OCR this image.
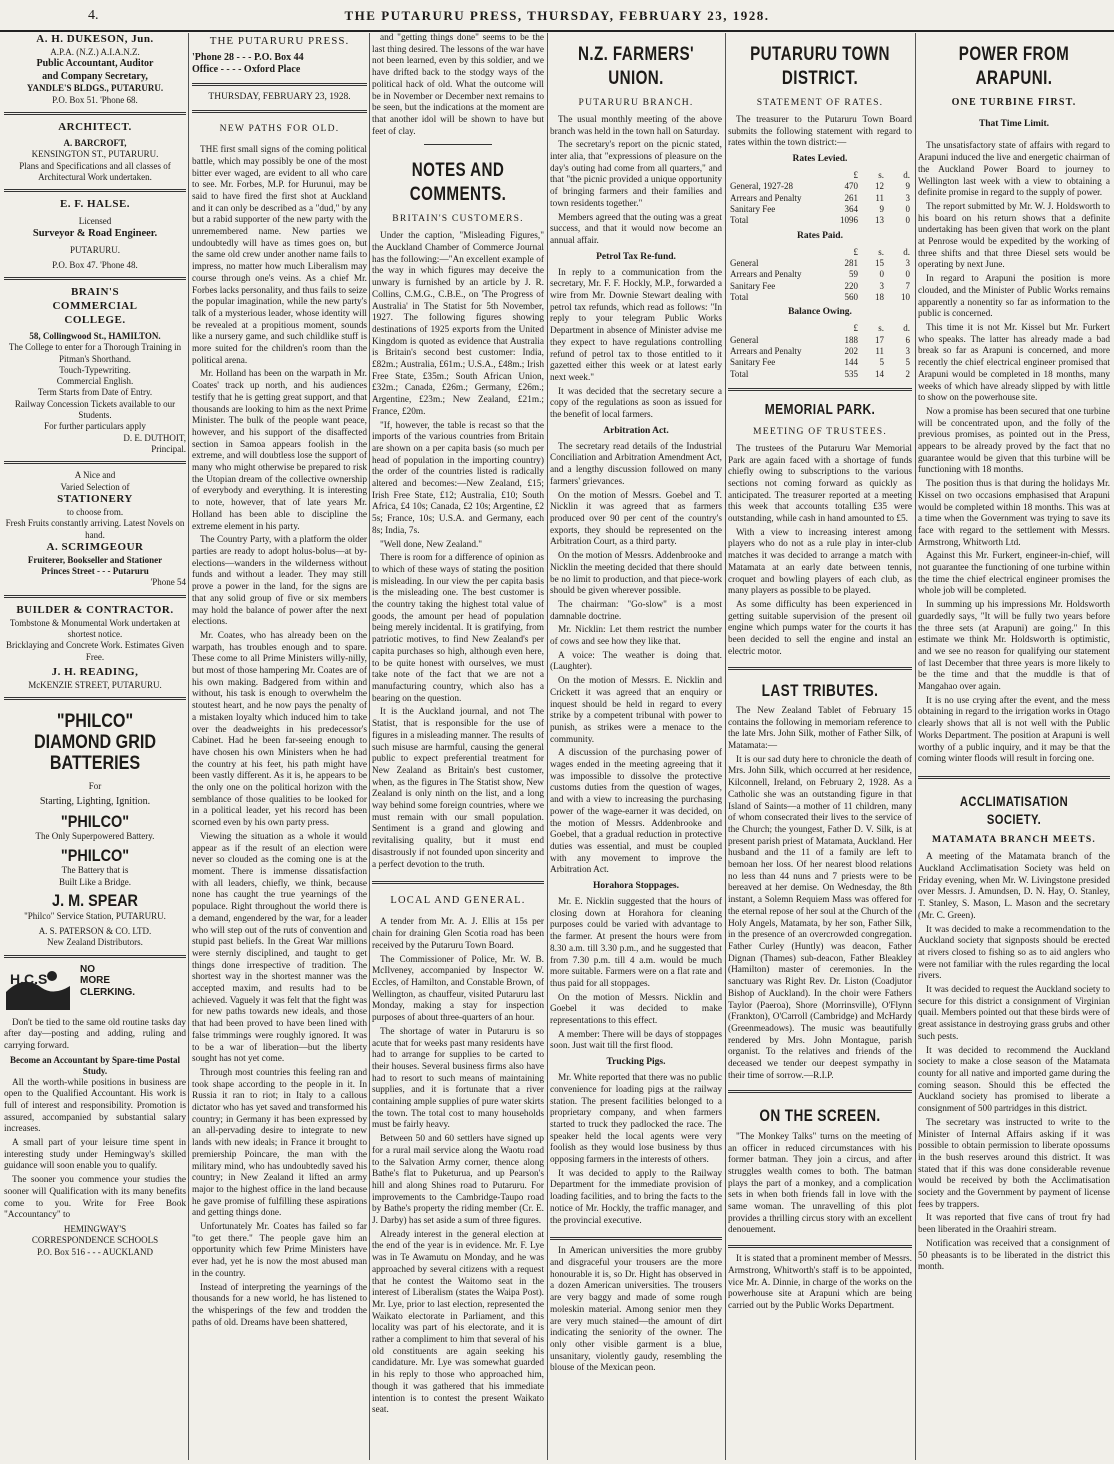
4.	THE PUTARURU PRESS, THURSDAY, FEBRUARY 23, 1928.
A. H. DUKESON, Jun.
A.P.A. (N.Z.) A.I.A.N.Z.
Public Accountant, Auditor
and Company Secretary,
YANDLE'S BLDGS., PUTARURU.
P.O. Box 51. 'Phone 68.
ARCHITECT.
A. BARCROFT,
KENSINGTON ST., PUTARURU.
Plans and Specifications and all classes of Architectural Work undertaken.
E. F. HALSE.
Licensed
Surveyor & Road Engineer.
PUTARURU.
P.O. Box 47. 'Phone 48.
BRAIN'S
COMMERCIAL
COLLEGE.
58, Collingwood St., HAMILTON.
The College to enter for a Thorough Training in
Pitman's Shorthand.
Touch-Typewriting.
Commercial English.
Term Starts from Date of Entry.
Railway Concession Tickets available to our Students.
For further particulars apply
D. E. DUTHOIT,
Principal.
A Nice and
Varied Selection of
STATIONERY
to choose from.
Fresh Fruits constantly arriving. Latest Novels on hand.
A. SCRIMGEOUR
Fruiterer, Bookseller and Stationer
Princes Street - - - Putaruru
'Phone 54
BUILDER & CONTRACTOR.
Tombstone & Monumental Work undertaken at shortest notice.
Bricklaying and Concrete Work. Estimates Given Free.
J. H. READING,
McKENZIE STREET, PUTARURU.
"PHILCO"
DIAMOND GRID
BATTERIES
For
Starting, Lighting, Ignition.
"PHILCO"
The Only Superpowered Battery.
"PHILCO"
The Battery that is
Built Like a Bridge.
J. M. SPEAR
"Philco" Service Station, PUTARURU.
A. S. PATERSON & CO. LTD.
New Zealand Distributors.
H.C.S
NO
MORE
CLERKING.

Don't be tied to the same old routine tasks day after day—posting and adding, ruling and carrying forward.

Become an Accountant by Spare-time Postal Study.

All the worth-while positions in business are open to the Qualified Accountant. His work is full of interest and responsibility. Promotion is assured, accompanied by substantial salary increases.

A small part of your leisure time spent in interesting study under Hemingway's skilled guidance will soon enable you to qualify.

The sooner you commence your studies the sooner will Qualification with its many benefits come to you. Write for Free Book "Accountancy" to

HEMINGWAY'S
CORRESPONDENCE SCHOOLS
P.O. Box 516 - - - AUCKLAND
THE PUTARURU PRESS.
'Phone 28 - - - P.O. Box 44
Office - - - - Oxford Place
THURSDAY, FEBRUARY 23, 1928.
NEW PATHS FOR OLD.

THE first small signs of the coming political battle, which may possibly be one of the most bitter ever waged, are evident to all who care to see. Mr. Forbes, M.P. for Hurunui, may be said to have fired the first shot at Auckland and it can only be described as a "dud," by any but a rabid supporter of the new party with the unremembered name. New parties we undoubtedly will have as times goes on, but the same old crew under another name fails to impress, no matter how much Liberalism may course through one's veins. As a chief Mr. Forbes lacks personality, and thus fails to seize the popular imagination, while the new party's talk of a mysterious leader, whose identity will be revealed at a propitious moment, sounds like a nursery game, and such childlike stuff is more suited for the children's room than the political arena.

Mr. Holland has been on the warpath in Mr. Coates' track up north, and his audiences testify that he is getting great support, and that thousands are looking to him as the next Prime Minister. The bulk of the people want peace, however, and his support of the disaffected section in Samoa appears foolish in the extreme, and will doubtless lose the support of many who might otherwise be prepared to risk the Utopian dream of the collective ownership of everybody and everything. It is interesting to note, however, that of late years Mr. Holland has been able to discipline the extreme element in his party.

The Country Party, with a platform the older parties are ready to adopt holus-bolus—at by-elections—wanders in the wilderness without funds and without a leader. They may still prove a power in the land, for the signs are that any solid group of five or six members may hold the balance of power after the next elections.

Mr. Coates, who has already been on the warpath, has troubles enough and to spare. These come to all Prime Ministers willy-nilly, but most of those hampering Mr. Coates are of his own making. Badgered from within and without, his task is enough to overwhelm the stoutest heart, and he now pays the penalty of a mistaken loyalty which induced him to take over the deadweights in his predecessor's Cabinet. Had he been far-seeing enough to have chosen his own Ministers when he had the country at his feet, his path might have been vastly different. As it is, he appears to be the only one on the political horizon with the semblance of those qualities to be looked for in a political leader, yet his record has been scorned even by his own party press.

Viewing the situation as a whole it would appear as if the result of an election were never so clouded as the coming one is at the moment. There is immense dissatisfaction with all leaders, chiefly, we think, because none has caught the true yearnings of the populace. Right throughout the world there is a demand, engendered by the war, for a leader who will step out of the ruts of convention and stupid past beliefs. In the Great War millions were sternly disciplined, and taught to get things done irrespective of tradition. The shortest way in the shortest manner was the accepted maxim, and results had to be achieved. Vaguely it was felt that the fight was for new paths towards new ideals, and those that had been proved to have been lined with false trimmings were roughly ignored. It was to be a war of liberation—but the liberty sought has not yet come.

Through most countries this feeling ran and took shape according to the people in it. In Russia it ran to riot; in Italy to a callous dictator who has yet saved and transformed his country; in Germany it has been expressed by an all-pervading desire to integrate to new lands with new ideals; in France it brought to premiership Poincare, the man with the military mind, who has undoubtedly saved his country; in New Zealand it lifted an army major to the highest office in the land because he gave promise of fulfilling these aspirations and getting things done.

Unfortunately Mr. Coates has failed so far "to get there." The people gave him an opportunity which few Prime Ministers have ever had, yet he is now the most abused man in the country.

Instead of interpreting the yearnings of the thousands for a new world, he has listened to the whisperings of the few and trodden the paths of old. Dreams have been shattered,

and "getting things done" seems to be the last thing desired. The lessons of the war have not been learned, even by this soldier, and we have drifted back to the stodgy ways of the political hack of old. What the outcome will be in November or December next remains to be seen, but the indications at the moment are that another idol will be shown to have but feet of clay.

NOTES AND COMMENTS.
BRITAIN'S CUSTOMERS.

Under the caption, "Misleading Figures," the Auckland Chamber of Commerce Journal has the following:—"An excellent example of the way in which figures may deceive the unwary is furnished by an article by J. R. Collins, C.M.G., C.B.E., on 'The Progress of Australia' in The Statist for 5th November, 1927. The following figures showing destinations of 1925 exports from the United Kingdom is quoted as evidence that Australia is Britain's second best customer: India, £82m.; Australia, £61m.; U.S.A., £48m.; Irish Free State, £35m.; South African Union, £32m.; Canada, £26m.; Germany, £26m.; Argentine, £23m.; New Zealand, £21m.; France, £20m.

"If, however, the table is recast so that the imports of the various countries from Britain are shown on a per capita basis (so much per head of population in the importing country) the order of the countries listed is radically altered and becomes:—New Zealand, £15; Irish Free State, £12; Australia, £10; South Africa, £4 10s; Canada, £2 10s; Argentine, £2 5s; France, 10s; U.S.A. and Germany, each 8s; India, 7s.

"Well done, New Zealand."

There is room for a difference of opinion as to which of these ways of stating the position is misleading. In our view the per capita basis is the misleading one. The best customer is the country taking the highest total value of goods, the amount per head of population being merely incidental. It is gratifying, from patriotic motives, to find New Zealand's per capita purchases so high, although even here, to be quite honest with ourselves, we must take note of the fact that we are not a manufacturing country, which also has a bearing on the question.

It is the Auckland journal, and not The Statist, that is responsible for the use of figures in a misleading manner. The results of such misuse are harmful, causing the general public to expect preferential treatment for New Zealand as Britain's best customer, when, as the figures in The Statist show, New Zealand is only ninth on the list, and a long way behind some foreign countries, where we must remain with our small population. Sentiment is a grand and glowing and revitalising quality, but it must end disastrously if not founded upon sincerity and a perfect devotion to the truth.

LOCAL AND GENERAL.

A tender from Mr. A. J. Ellis at 15s per chain for draining Glen Scotia road has been received by the Putaruru Town Board.

The Commissioner of Police, Mr. W. B. McIlveney, accompanied by Inspector W. Eccles, of Hamilton, and Constable Brown, of Wellington, as chauffeur, visited Putaruru last Monday, making a stay for inspection purposes of about three-quarters of an hour.

The shortage of water in Putaruru is so acute that for weeks past many residents have had to arrange for supplies to be carted to their houses. Several business firms also have had to resort to such means of maintaining supplies, and it is fortunate that a river containing ample supplies of pure water skirts the town. The total cost to many households must be fairly heavy.

Between 50 and 60 settlers have signed up for a rural mail service along the Waotu road to the Salvation Army corner, thence along Bathe's flat to Puketurua, and up Pearson's hill and along Shines road to Putaruru. For improvements to the Cambridge-Taupo road by Bathe's property the riding member (Cr. E. J. Darby) has set aside a sum of three figures.

Already interest in the general election at the end of the year is in evidence. Mr. F. Lye was in Te Awamutu on Monday, and he was approached by several citizens with a request that he contest the Waitomo seat in the interest of Liberalism (states the Waipa Post). Mr. Lye, prior to last election, represented the Waikato electorate in Parliament, and this locality was part of his electorate, and it is rather a compliment to him that several of his old constituents are again seeking his candidature. Mr. Lye was somewhat guarded in his reply to those who approached him, though it was gathered that his immediate intention is to contest the present Waikato seat.

N.Z. FARMERS' UNION.
PUTARURU BRANCH.

The usual monthly meeting of the above branch was held in the town hall on Saturday.

The secretary's report on the picnic stated, inter alia, that "expressions of pleasure on the day's outing had come from all quarters," and that "the picnic provided a unique opportunity of bringing farmers and their families and town residents together."

Members agreed that the outing was a great success, and that it would now become an annual affair.

Petrol Tax Re-fund.

In reply to a communication from the secretary, Mr. F. F. Hockly, M.P., forwarded a wire from Mr. Downie Stewart dealing with petrol tax refunds, which read as follows: "In reply to your telegram Public Works Department in absence of Minister advise me they expect to have regulations controlling refund of petrol tax to those entitled to it gazetted either this week or at latest early next week."

It was decided that the secretary secure a copy of the regulations as soon as issued for the benefit of local farmers.

Arbitration Act.

The secretary read details of the Industrial Conciliation and Arbitration Amendment Act, and a lengthy discussion followed on many farmers' grievances.

On the motion of Messrs. Goebel and T. Nicklin it was agreed that as farmers produced over 90 per cent of the country's exports, they should be represented on the Arbitration Court, as a third party.

On the motion of Messrs. Addenbrooke and Nicklin the meeting decided that there should be no limit to production, and that piece-work should be given wherever possible.

The chairman: "Go-slow" is a most damnable doctrine.

Mr. Nicklin: Let them restrict the number of cows and see how they like that.

A voice: The weather is doing that. (Laughter).

On the motion of Messrs. E. Nicklin and Crickett it was agreed that an enquiry or inquest should be held in regard to every strike by a competent tribunal with power to punish, as strikes were a menace to the community.

A discussion of the purchasing power of wages ended in the meeting agreeing that it was impossible to dissolve the protective customs duties from the question of wages, and with a view to increasing the purchasing power of the wage-earner it was decided, on the motion of Messrs. Addenbrooke and Goebel, that a gradual reduction in protective duties was essential, and must be coupled with any movement to improve the Arbitration Act.

Horahora Stoppages.

Mr. E. Nicklin suggested that the hours of closing down at Horahora for cleaning purposes could be varied with advantage to the farmer. At present the hours were from 8.30 a.m. till 3.30 p.m., and he suggested that from 7.30 p.m. till 4 a.m. would be much more suitable. Farmers were on a flat rate and thus paid for all stoppages.

On the motion of Messrs. Nicklin and Goebel it was decided to make representations to this effect.

A member: There will be days of stoppages soon. Just wait till the first flood.

Trucking Pigs.

Mr. White reported that there was no public convenience for loading pigs at the railway station. The present facilities belonged to a proprietary company, and when farmers started to truck they padlocked the race. The speaker held the local agents were very foolish as they would lose business by thus opposing farmers in the interests of others.

It was decided to apply to the Railway Department for the immediate provision of loading facilities, and to bring the facts to the notice of Mr. Hockly, the traffic manager, and the provincial executive.

In American universities the more grubby and disgraceful your trousers are the more honourable it is, so Dr. Hight has observed in a dozen American universities. The trousers are very baggy and made of some rough moleskin material. Among senior men they are very much stained—the amount of dirt indicating the seniority of the owner. The only other visible garment is a blue, unsanitary, violently gaudy, resembling the blouse of the Mexican peon.

PUTARURU TOWN DISTRICT.
STATEMENT OF RATES.

The treasurer to the Putaruru Town Board submits the following statement with regard to rates within the town district:—

Rates Levied.
	£	s.	d.
General, 1927-28	470	12	9
Arrears and Penalty	261	11	3
Sanitary Fee	364	9	0
Total	1096	13	0
Rates Paid.
	£	s.	d.
General	281	15	3
Arrears and Penalty	59	0	0
Sanitary Fee	220	3	7
Total	560	18	10
Balance Owing.
	£	s.	d.
General	188	17	6
Arrears and Penalty	202	11	3
Sanitary Fee	144	5	5
Total	535	14	2
MEMORIAL PARK.
MEETING OF TRUSTEES.

The trustees of the Putaruru War Memorial Park are again faced with a shortage of funds chiefly owing to subscriptions to the various sections not coming forward as quickly as anticipated. The treasurer reported at a meeting this week that accounts totalling £35 were outstanding, while cash in hand amounted to £5.

With a view to increasing interest among players who do not as a rule play in inter-club matches it was decided to arrange a match with Matamata at an early date between tennis, croquet and bowling players of each club, as many players as possible to be played.

As some difficulty has been experienced in getting suitable supervision of the present oil engine which pumps water for the courts it has been decided to sell the engine and instal an electric motor.

LAST TRIBUTES.

The New Zealand Tablet of February 15 contains the following in memoriam reference to the late Mrs. John Silk, mother of Father Silk, of Matamata:—

It is our sad duty here to chronicle the death of Mrs. John Silk, which occurred at her residence, Kilconnell, Ireland, on February 2, 1928. As a Catholic she was an outstanding figure in that Island of Saints—a mother of 11 children, many of whom consecrated their lives to the service of the Church; the youngest, Father D. V. Silk, is at present parish priest of Matamata, Auckland. Her husband and the 11 of a family are left to bemoan her loss. Of her nearest blood relations no less than 44 nuns and 7 priests were to be bereaved at her demise. On Wednesday, the 8th instant, a Solemn Requiem Mass was offered for the eternal repose of her soul at the Church of the Holy Angels, Matamata, by her son, Father Silk, in the presence of an overcrowded congregation. Father Curley (Huntly) was deacon, Father Dignan (Thames) sub-deacon, Father Bleakley (Hamilton) master of ceremonies. In the sanctuary was Right Rev. Dr. Liston (Coadjutor Bishop of Auckland). In the choir were Fathers Taylor (Paeroa), Shore (Morrinsville), O'Flynn (Frankton), O'Carroll (Cambridge) and McHardy (Greenmeadows). The music was beautifully rendered by Mrs. John Montague, parish organist. To the relatives and friends of the deceased we tender our deepest sympathy in their time of sorrow.—R.I.P.

ON THE SCREEN.

"The Monkey Talks" turns on the meeting of an officer in reduced circumstances with his former batman. They join a circus, and after struggles wealth comes to both. The batman plays the part of a monkey, and a complication sets in when both friends fall in love with the same woman. The unravelling of this plot provides a thrilling circus story with an excellent denouement.

It is stated that a prominent member of Messrs. Armstrong, Whitworth's staff is to be appointed, vice Mr. A. Dinnie, in charge of the works on the powerhouse site at Arapuni which are being carried out by the Public Works Department.

POWER FROM ARAPUNI.
ONE TURBINE FIRST.
That Time Limit.

The unsatisfactory state of affairs with regard to Arapuni induced the live and energetic chairman of the Auckland Power Board to journey to Wellington last week with a view to obtaining a definite promise in regard to the supply of power.

The report submitted by Mr. W. J. Holdsworth to his board on his return shows that a definite undertaking has been given that work on the plant at Penrose would be expedited by the working of three shifts and that three Diesel sets would be operating by next June.

In regard to Arapuni the position is more clouded, and the Minister of Public Works remains apparently a nonentity so far as information to the public is concerned.

This time it is not Mr. Kissel but Mr. Furkert who speaks. The latter has already made a bad break so far as Arapuni is concerned, and more recently the chief electrical engineer promised that Arapuni would be completed in 18 months, many weeks of which have already slipped by with little to show on the powerhouse site.

Now a promise has been secured that one turbine will be concentrated upon, and the folly of the previous promises, as pointed out in the Press, appears to be already proved by the fact that no guarantee would be given that this turbine will be functioning with 18 months.

The position thus is that during the holidays Mr. Kissel on two occasions emphasised that Arapuni would be completed within 18 months. This was at a time when the Government was trying to save its face with regard to the settlement with Messrs. Armstrong, Whitworth Ltd.

Against this Mr. Furkert, engineer-in-chief, will not guarantee the functioning of one turbine within the time the chief electrical engineer promises the whole job will be completed.

In summing up his impressions Mr. Holdsworth guardedly says, "It will be fully two years before the three sets (at Arapuni) are going." In this estimate we think Mr. Holdsworth is optimistic, and we see no reason for qualifying our statement of last December that three years is more likely to be the time and that the muddle is that of Mangahao over again.

It is no use crying after the event, and the mess obtaining in regard to the irrigation works in Otago clearly shows that all is not well with the Public Works Department. The position at Arapuni is well worthy of a public inquiry, and it may be that the coming winter floods will result in forcing one.

ACCLIMATISATION SOCIETY.
MATAMATA BRANCH MEETS.

A meeting of the Matamata branch of the Auckland Acclimatisation Society was held on Friday evening, when Mr. W. Livingstone presided over Messrs. J. Amundsen, D. N. Hay, O. Stanley, T. Stanley, S. Mason, L. Mason and the secretary (Mr. C. Green).

It was decided to make a recommendation to the Auckland society that signposts should be erected at rivers closed to fishing so as to aid anglers who were not familiar with the rules regarding the local rivers.

It was decided to request the Auckland society to secure for this district a consignment of Virginian quail. Members pointed out that these birds were of great assistance in destroying grass grubs and other such pests.

It was decided to recommend the Auckland society to make a close season of the Matamata county for all native and imported game during the coming season. Should this be effected the Auckland society has promised to liberate a consignment of 500 partridges in this district.

The secretary was instructed to write to the Minister of Internal Affairs asking if it was possible to obtain permission to liberate opossums in the bush reserves around this district. It was stated that if this was done considerable revenue would be received by both the Acclimatisation society and the Government by payment of license fees by trappers.

It was reported that five cans of trout fry had been liberated in the Oraahiri stream.

Notification was received that a consignment of 50 pheasants is to be liberated in the district this month.
